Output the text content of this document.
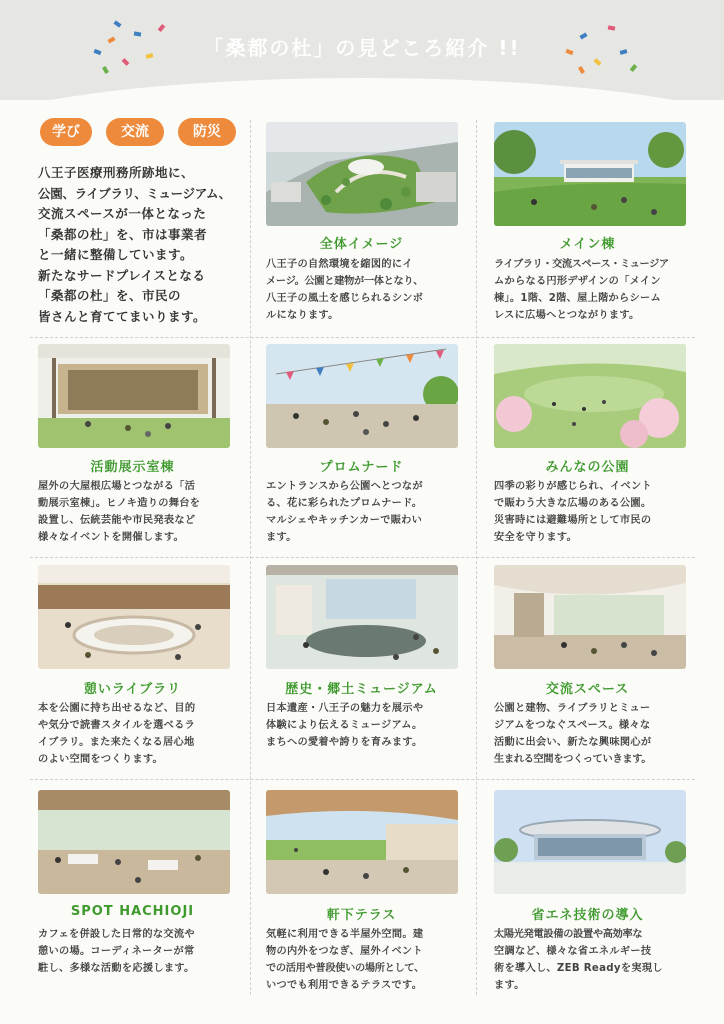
「桑都の杜」の見どころ紹介 !!
学び	交流	防災
八王子医療刑務所跡地に、
公園、ライブラリ、ミュージアム、
交流スペースが一体となった
「桑都の杜」を、市は事業者
と一緒に整備しています。
新たなサードプレイスとなる
「桑都の杜」を、市民の
皆さんと育ててまいります。
全体イメージ
八王子の自然環境を縮図的にイ
メージ。公園と建物が一体となり、
八王子の風土を感じられるシンボ
ルになります。
メイン棟
ライブラリ・交流スペース・ミュージア
ムからなる円形デザインの「メイン
棟」。1階、2階、屋上階からシーム
レスに広場へとつながります。
活動展示室棟
屋外の大屋根広場とつながる「活
動展示室棟」。ヒノキ造りの舞台を
設置し、伝統芸能や市民発表など
様々なイベントを開催します。
プロムナード
エントランスから公園へとつなが
る、花に彩られたプロムナード。
マルシェやキッチンカーで賑わい
ます。
みんなの公園
四季の彩りが感じられ、イベント
で賑わう大きな広場のある公園。
災害時には避難場所として市民の
安全を守ります。
憩いライブラリ
本を公園に持ち出せるなど、目的
や気分で読書スタイルを選べるラ
イブラリ。また来たくなる居心地
のよい空間をつくります。
歴史・郷土ミュージアム
日本遺産・八王子の魅力を展示や
体験により伝えるミュージアム。
まちへの愛着や誇りを育みます。
交流スペース
公園と建物、ライブラリとミュー
ジアムをつなぐスペース。様々な
活動に出会い、新たな興味関心が
生まれる空間をつくっていきます。
SPOT HACHIOJI
カフェを併設した日常的な交流や
憩いの場。コーディネーターが常
駐し、多様な活動を応援します。
軒下テラス
気軽に利用できる半屋外空間。建
物の内外をつなぎ、屋外イベント
での活用や普段使いの場所として、
いつでも利用できるテラスです。
省エネ技術の導入
太陽光発電設備の設置や高効率な
空調など、様々な省エネルギー技
術を導入し、ZEB Readyを実現し
ます。
